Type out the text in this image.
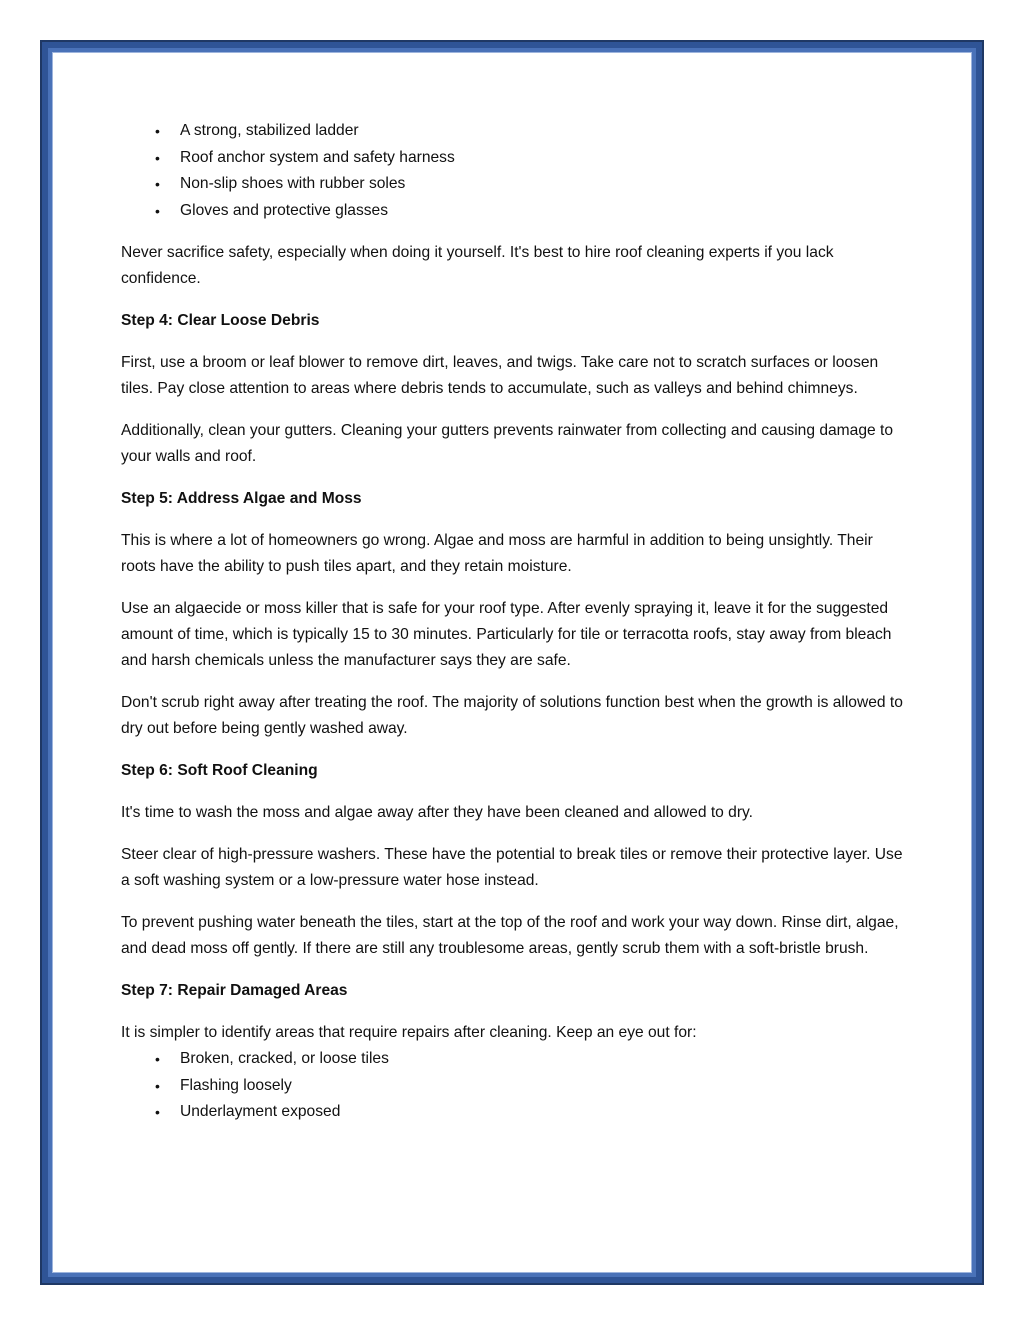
• A strong, stabilized ladder
• Roof anchor system and safety harness
• Non-slip shoes with rubber soles
• Gloves and protective glasses

Never sacrifice safety, especially when doing it yourself. It's best to hire roof cleaning experts if you lack confidence.

Step 4: Clear Loose Debris

First, use a broom or leaf blower to remove dirt, leaves, and twigs. Take care not to scratch surfaces or loosen tiles. Pay close attention to areas where debris tends to accumulate, such as valleys and behind chimneys.

Additionally, clean your gutters. Cleaning your gutters prevents rainwater from collecting and causing damage to your walls and roof.

Step 5: Address Algae and Moss

This is where a lot of homeowners go wrong. Algae and moss are harmful in addition to being unsightly. Their roots have the ability to push tiles apart, and they retain moisture.

Use an algaecide or moss killer that is safe for your roof type. After evenly spraying it, leave it for the suggested amount of time, which is typically 15 to 30 minutes. Particularly for tile or terracotta roofs, stay away from bleach and harsh chemicals unless the manufacturer says they are safe.

Don't scrub right away after treating the roof. The majority of solutions function best when the growth is allowed to dry out before being gently washed away.

Step 6: Soft Roof Cleaning

It's time to wash the moss and algae away after they have been cleaned and allowed to dry.

Steer clear of high-pressure washers. These have the potential to break tiles or remove their protective layer. Use a soft washing system or a low-pressure water hose instead.

To prevent pushing water beneath the tiles, start at the top of the roof and work your way down. Rinse dirt, algae, and dead moss off gently. If there are still any troublesome areas, gently scrub them with a soft-bristle brush.

Step 7: Repair Damaged Areas

It is simpler to identify areas that require repairs after cleaning. Keep an eye out for:

• Broken, cracked, or loose tiles
• Flashing loosely
• Underlayment exposed
